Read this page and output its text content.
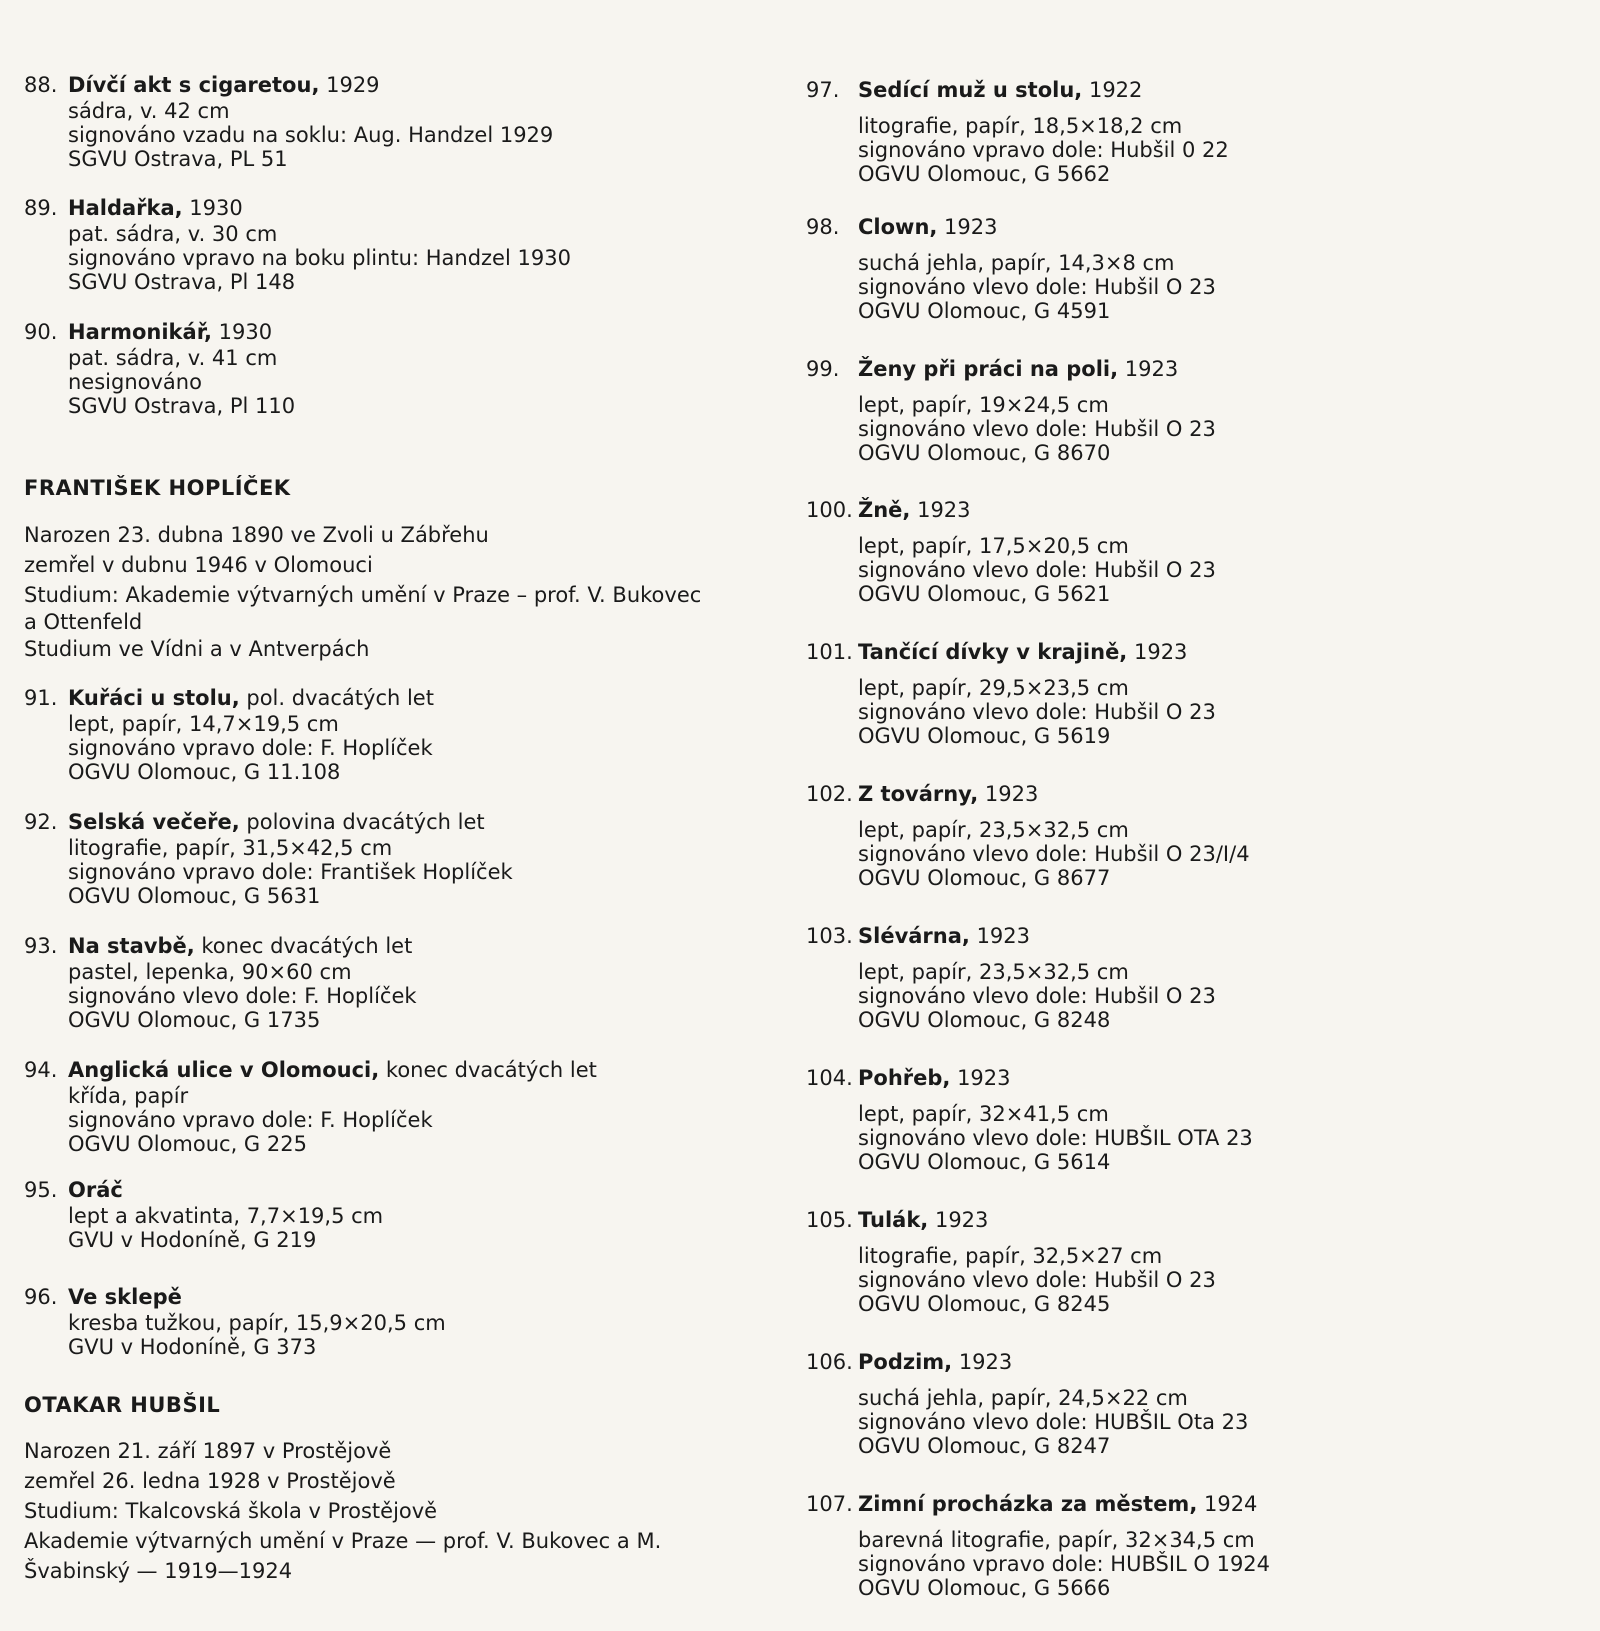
88. Dívčí akt s cigaretou, 1929
sádra, v. 42 cm
signováno vzadu na soklu: Aug. Handzel 1929
SGVU Ostrava, PL 51
89. Haldařka, 1930
pat. sádra, v. 30 cm
signováno vpravo na boku plintu: Handzel 1930
SGVU Ostrava, Pl 148
90. Harmonikář, 1930
pat. sádra, v. 41 cm
nesignováno
SGVU Ostrava, Pl 110
FRANTIŠEK HOPLÍČEK
Narozen 23. dubna 1890 ve Zvoli u Zábřehu
zemřel v dubnu 1946 v Olomouci
Studium: Akademie výtvarných umění v Praze – prof. V. Bukovec
a Ottenfeld
Studium ve Vídni a v Antverpách
91. Kuřáci u stolu, pol. dvacátých let
lept, papír, 14,7×19,5 cm
signováno vpravo dole: F. Hoplíček
OGVU Olomouc, G 11.108
92. Selská večeře, polovina dvacátých let
litografie, papír, 31,5×42,5 cm
signováno vpravo dole: František Hoplíček
OGVU Olomouc, G 5631
93. Na stavbě, konec dvacátých let
pastel, lepenka, 90×60 cm
signováno vlevo dole: F. Hoplíček
OGVU Olomouc, G 1735
94. Anglická ulice v Olomouci, konec dvacátých let
křída, papír
signováno vpravo dole: F. Hoplíček
OGVU Olomouc, G 225
95. Oráč
lept a akvatinta, 7,7×19,5 cm
GVU v Hodoníně, G 219
96. Ve sklepě
kresba tužkou, papír, 15,9×20,5 cm
GVU v Hodoníně, G 373
OTAKAR HUBŠIL
Narozen 21. září 1897 v Prostějově
zemřel 26. ledna 1928 v Prostějově
Studium: Tkalcovská škola v Prostějově
Akademie výtvarných umění v Praze — prof. V. Bukovec a M.
Švabinský — 1919—1924
97. Sedící muž u stolu, 1922
litografie, papír, 18,5×18,2 cm
signováno vpravo dole: Hubšil 0 22
OGVU Olomouc, G 5662
98. Clown, 1923
suchá jehla, papír, 14,3×8 cm
signováno vlevo dole: Hubšil O 23
OGVU Olomouc, G 4591
99. Ženy při práci na poli, 1923
lept, papír, 19×24,5 cm
signováno vlevo dole: Hubšil O 23
OGVU Olomouc, G 8670
100. Žně, 1923
lept, papír, 17,5×20,5 cm
signováno vlevo dole: Hubšil O 23
OGVU Olomouc, G 5621
101. Tančící dívky v krajině, 1923
lept, papír, 29,5×23,5 cm
signováno vlevo dole: Hubšil O 23
OGVU Olomouc, G 5619
102. Z továrny, 1923
lept, papír, 23,5×32,5 cm
signováno vlevo dole: Hubšil O 23/I/4
OGVU Olomouc, G 8677
103. Slévárna, 1923
lept, papír, 23,5×32,5 cm
signováno vlevo dole: Hubšil O 23
OGVU Olomouc, G 8248
104. Pohřeb, 1923
lept, papír, 32×41,5 cm
signováno vlevo dole: HUBŠIL OTA 23
OGVU Olomouc, G 5614
105. Tulák, 1923
litografie, papír, 32,5×27 cm
signováno vlevo dole: Hubšil O 23
OGVU Olomouc, G 8245
106. Podzim, 1923
suchá jehla, papír, 24,5×22 cm
signováno vlevo dole: HUBŠIL Ota 23
OGVU Olomouc, G 8247
107. Zimní procházka za městem, 1924
barevná litografie, papír, 32×34,5 cm
signováno vpravo dole: HUBŠIL O 1924
OGVU Olomouc, G 5666
